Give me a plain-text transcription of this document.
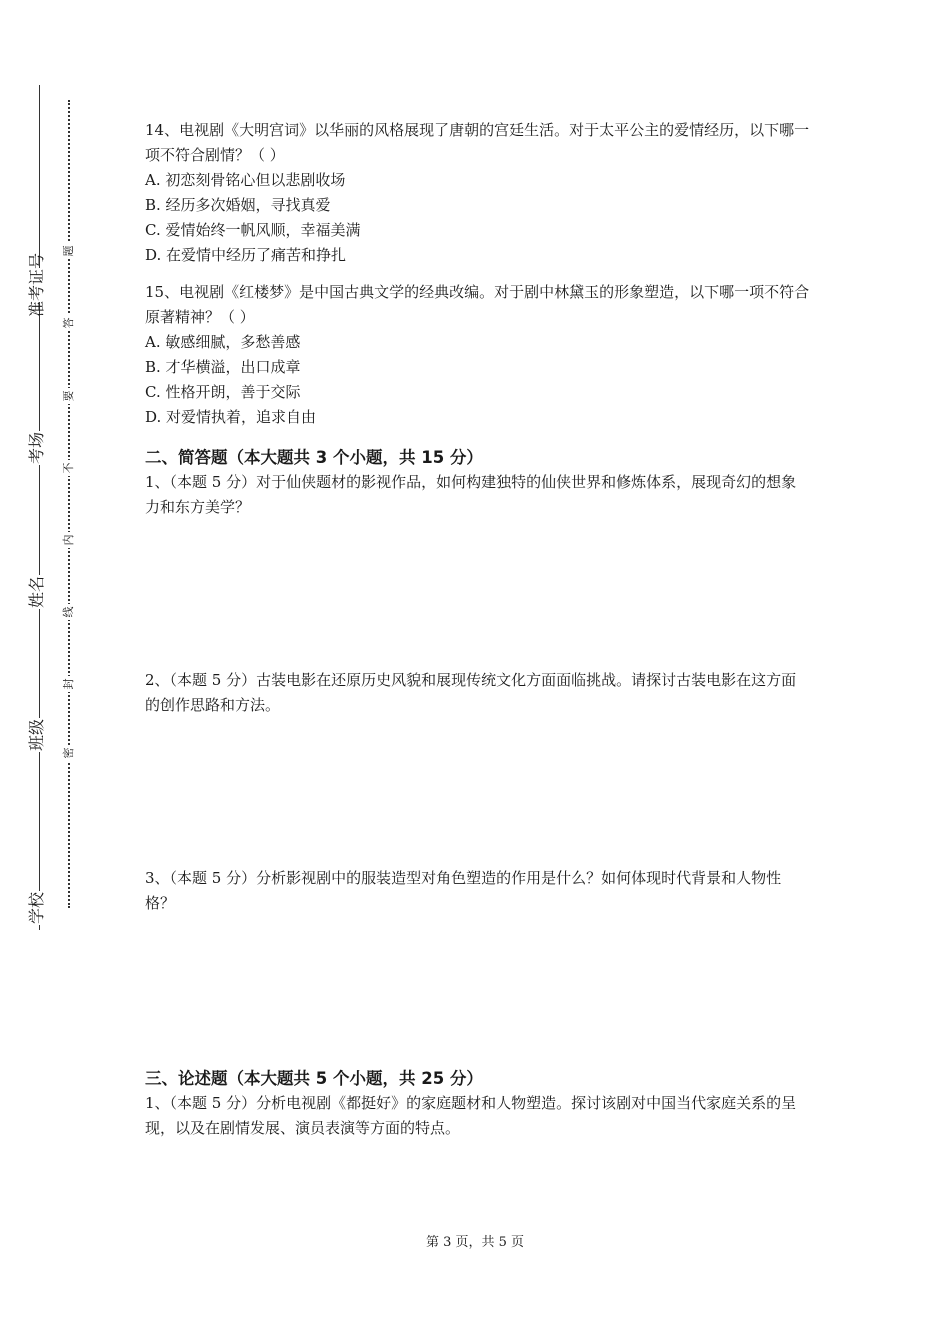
准考证号
考场
姓名
班级
学校
题
答
要
不
内
线
封
密

14、电视剧《大明宫词》以华丽的风格展现了唐朝的宫廷生活。对于太平公主的爱情经历，以下哪一项不符合剧情？（ ）

A. 初恋刻骨铭心但以悲剧收场

B. 经历多次婚姻，寻找真爱

C. 爱情始终一帆风顺，幸福美满

D. 在爱情中经历了痛苦和挣扎

15、电视剧《红楼梦》是中国古典文学的经典改编。对于剧中林黛玉的形象塑造，以下哪一项不符合原著精神？（ ）

A. 敏感细腻，多愁善感

B. 才华横溢，出口成章

C. 性格开朗，善于交际

D. 对爱情执着，追求自由

二、简答题（本大题共 3 个小题，共 15 分）

1、（本题 5 分）对于仙侠题材的影视作品，如何构建独特的仙侠世界和修炼体系，展现奇幻的想象力和东方美学？

2、（本题 5 分）古装电影在还原历史风貌和展现传统文化方面面临挑战。请探讨古装电影在这方面的创作思路和方法。

3、（本题 5 分）分析影视剧中的服装造型对角色塑造的作用是什么？如何体现时代背景和人物性格？

三、论述题（本大题共 5 个小题，共 25 分）

1、（本题 5 分）分析电视剧《都挺好》的家庭题材和人物塑造。探讨该剧对中国当代家庭关系的呈现，以及在剧情发展、演员表演等方面的特点。

第 3 页，共 5 页
